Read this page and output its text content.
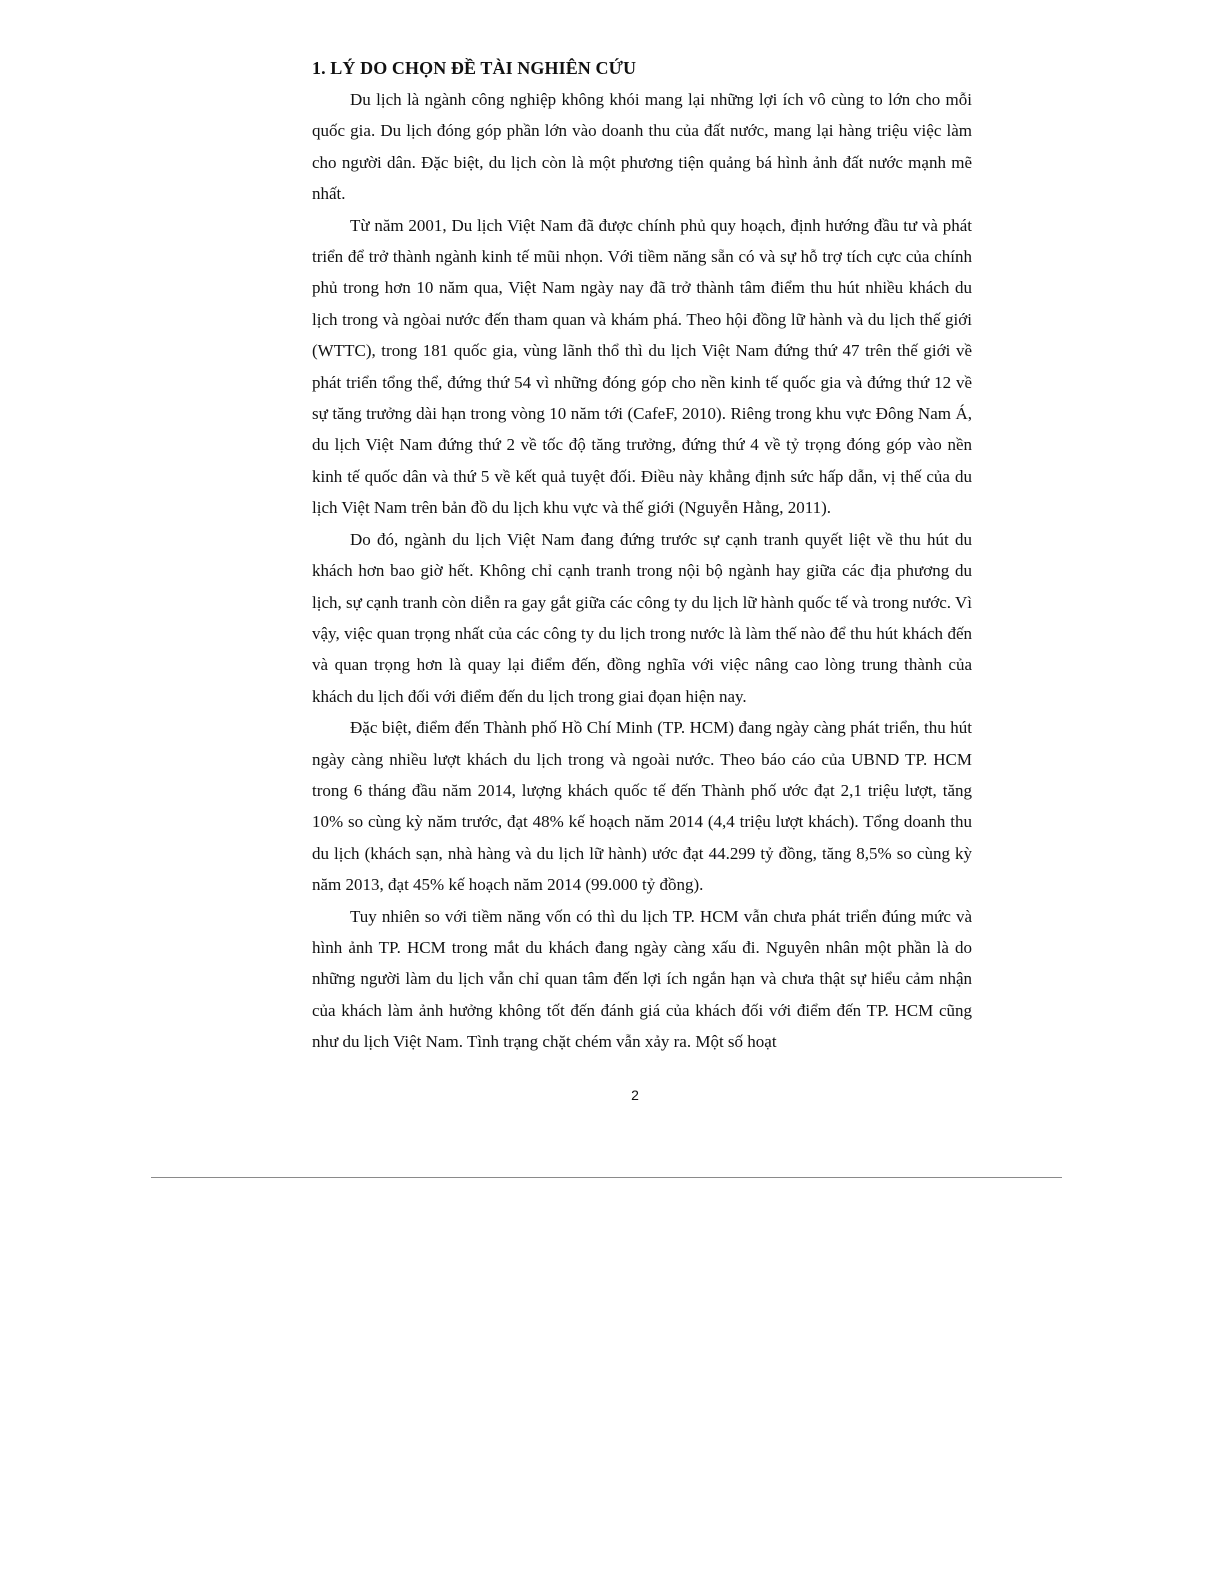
1. LÝ DO CHỌN ĐỀ TÀI NGHIÊN CỨU

Du lịch là ngành công nghiệp không khói mang lại những lợi ích vô cùng to lớn cho mỗi quốc gia. Du lịch đóng góp phần lớn vào doanh thu của đất nước, mang lại hàng triệu việc làm cho người dân. Đặc biệt, du lịch còn là một phương tiện quảng bá hình ảnh đất nước mạnh mẽ nhất.

Từ năm 2001, Du lịch Việt Nam đã được chính phủ quy hoạch, định hướng đầu tư và phát triển để trở thành ngành kinh tế mũi nhọn. Với tiềm năng sẵn có và sự hỗ trợ tích cực của chính phủ trong hơn 10 năm qua, Việt Nam ngày nay đã trở thành tâm điểm thu hút nhiều khách du lịch trong và ngòai nước đến tham quan và khám phá. Theo hội đồng lữ hành và du lịch thế giới (WTTC), trong 181 quốc gia, vùng lãnh thổ thì du lịch Việt Nam đứng thứ 47 trên thế giới về phát triển tổng thể, đứng thứ 54 vì những đóng góp cho nền kinh tế quốc gia và đứng thứ 12 về sự tăng trưởng dài hạn trong vòng 10 năm tới (CafeF, 2010). Riêng trong khu vực Đông Nam Á, du lịch Việt Nam đứng thứ 2 về tốc độ tăng trưởng, đứng thứ 4 về tỷ trọng đóng góp vào nền kinh tế quốc dân và thứ 5 về kết quả tuyệt đối. Điều này khẳng định sức hấp dẫn, vị thế của du lịch Việt Nam trên bản đồ du lịch khu vực và thế giới (Nguyễn Hằng, 2011).

Do đó, ngành du lịch Việt Nam đang đứng trước sự cạnh tranh quyết liệt về thu hút du khách hơn bao giờ hết. Không chỉ cạnh tranh trong nội bộ ngành hay giữa các địa phương du lịch, sự cạnh tranh còn diễn ra gay gắt giữa các công ty du lịch lữ hành quốc tế và trong nước. Vì vậy, việc quan trọng nhất của các công ty du lịch trong nước là làm thế nào để thu hút khách đến và quan trọng hơn là quay lại điểm đến, đồng nghĩa với việc nâng cao lòng trung thành của khách du lịch đối với điểm đến du lịch trong giai đọan hiện nay.

Đặc biệt, điểm đến Thành phố Hồ Chí Minh (TP. HCM) đang ngày càng phát triển, thu hút ngày càng nhiều lượt khách du lịch trong và ngoài nước. Theo báo cáo của UBND TP. HCM trong 6 tháng đầu năm 2014, lượng khách quốc tế đến Thành phố ước đạt 2,1 triệu lượt, tăng 10% so cùng kỳ năm trước, đạt 48% kế hoạch năm 2014 (4,4 triệu lượt khách). Tổng doanh thu du lịch (khách sạn, nhà hàng và du lịch lữ hành) ước đạt 44.299 tỷ đồng, tăng 8,5% so cùng kỳ năm 2013, đạt 45% kế hoạch năm 2014 (99.000 tỷ đồng).

Tuy nhiên so với tiềm năng vốn có thì du lịch TP. HCM vẫn chưa phát triển đúng mức và hình ảnh TP. HCM trong mắt du khách đang ngày càng xấu đi. Nguyên nhân một phần là do những người làm du lịch vẫn chỉ quan tâm đến lợi ích ngắn hạn và chưa thật sự hiểu cảm nhận của khách làm ảnh hưởng không tốt đến đánh giá của khách đối với điểm đến TP. HCM cũng như du lịch Việt Nam. Tình trạng chặt chém vẫn xảy ra. Một số hoạt

2
